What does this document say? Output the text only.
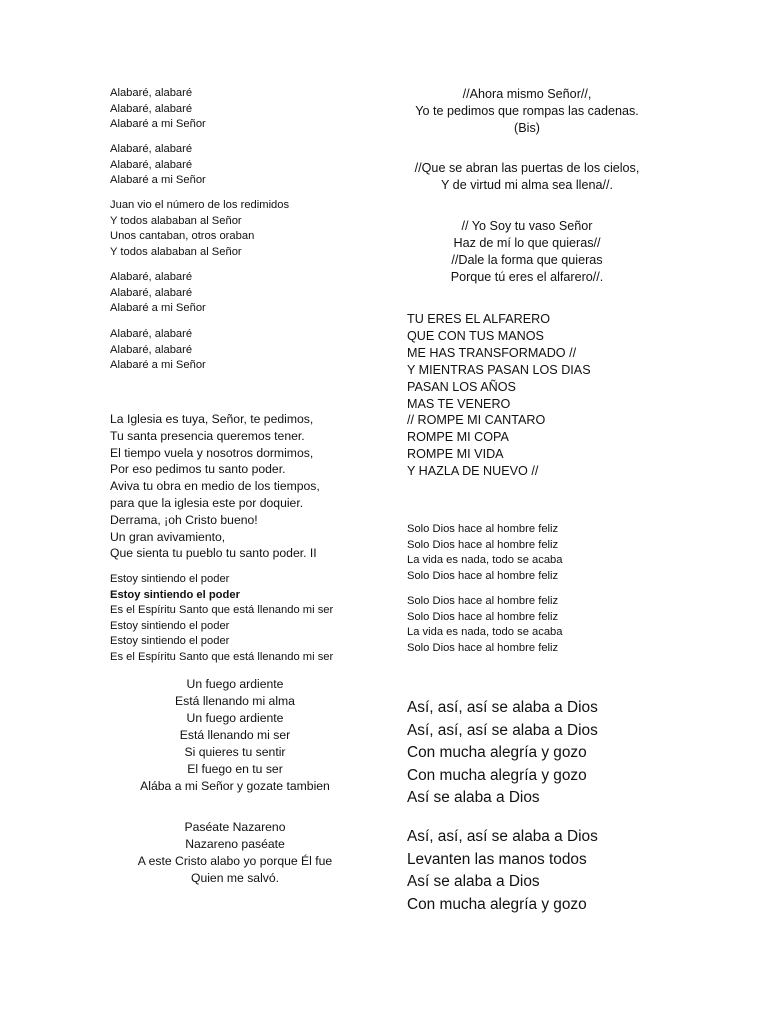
Alabaré, alabaré
Alabaré, alabaré
Alabaré a mi Señor
Alabaré, alabaré
Alabaré, alabaré
Alabaré a mi Señor
Juan vio el número de los redimidos
Y todos alababan al Señor
Unos cantaban, otros oraban
Y todos alababan al Señor
Alabaré, alabaré
Alabaré, alabaré
Alabaré a mi Señor
Alabaré, alabaré
Alabaré, alabaré
Alabaré a mi Señor
La Iglesia es tuya, Señor, te pedimos,
Tu santa presencia queremos tener.
El tiempo vuela y nosotros dormimos,
Por eso pedimos tu santo poder.
Aviva tu obra en medio de los tiempos,
para que la iglesia este por doquier.
Derrama, ¡oh Cristo bueno!
Un gran avivamiento,
Que sienta tu pueblo tu santo poder. II
Estoy sintiendo el poder
Estoy sintiendo el poder
Es el Espíritu Santo que está llenando mi ser
Estoy sintiendo el poder
Estoy sintiendo el poder
Es el Espíritu Santo que está llenando mi ser
Un fuego ardiente
Está llenando mi alma
Un fuego ardiente
Está llenando mi ser
Si quieres tu sentir
El fuego en tu ser
Alába a mi Señor y gozate tambien
Paséate Nazareno
Nazareno paséate
A este Cristo alabo yo porque Él fue
Quien me salvó.
//Ahora mismo Señor//,
Yo te pedimos que rompas las cadenas.
(Bis)
//Que se abran las puertas de los cielos,
Y de virtud mi alma sea llena//.
// Yo Soy tu vaso Señor
Haz de mí lo que quieras//
//Dale la forma que quieras
Porque tú eres el alfarero//.
TU ERES EL ALFARERO
QUE CON TUS MANOS
ME HAS TRANSFORMADO //
Y MIENTRAS PASAN LOS DIAS
PASAN LOS AÑOS
MAS TE VENERO
// ROMPE MI CANTARO
ROMPE MI COPA
ROMPE MI VIDA
Y HAZLA DE NUEVO //
Solo Dios hace al hombre feliz
Solo Dios hace al hombre feliz
La vida es nada, todo se acaba
Solo Dios hace al hombre feliz
Solo Dios hace al hombre feliz
Solo Dios hace al hombre feliz
La vida es nada, todo se acaba
Solo Dios hace al hombre feliz
Así, así, así se alaba a Dios
Así, así, así se alaba a Dios
Con mucha alegría y gozo
Con mucha alegría y gozo
Así se alaba a Dios
Así, así, así se alaba a Dios
Levanten las manos todos
Así se alaba a Dios
Con mucha alegría y gozo
